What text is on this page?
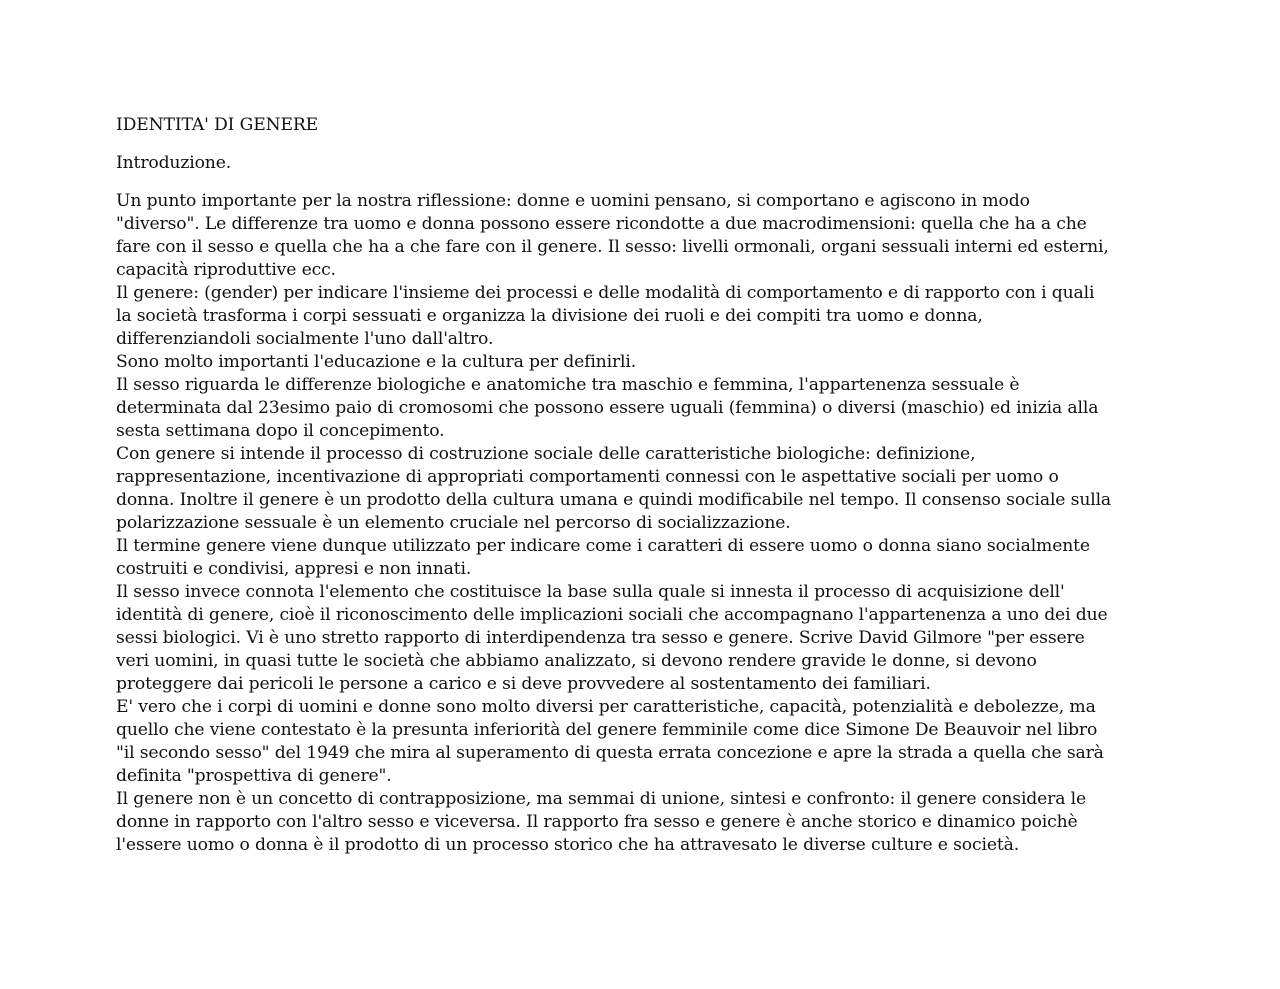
IDENTITA' DI GENERE

Introduzione.

Un punto importante per la nostra riflessione: donne e uomini pensano, si comportano e agiscono in modo
"diverso". Le differenze tra uomo e donna possono essere ricondotte a due macrodimensioni: quella che ha a che
fare con il sesso e quella che ha a che fare con il genere. Il sesso: livelli ormonali, organi sessuali interni ed esterni,
capacità riproduttive ecc.
Il genere: (gender) per indicare l'insieme dei processi e delle modalità di comportamento e di rapporto con i quali
la società trasforma i corpi sessuati e organizza la divisione dei ruoli e dei compiti tra uomo e donna,
differenziandoli socialmente l'uno dall'altro.
Sono molto importanti l'educazione e la cultura per definirli.
Il sesso riguarda le differenze biologiche e anatomiche tra maschio e femmina, l'appartenenza sessuale è
determinata dal 23esimo paio di cromosomi che possono essere uguali (femmina) o diversi (maschio) ed inizia alla
sesta settimana dopo il concepimento.
Con genere si intende il processo di costruzione sociale delle caratteristiche biologiche: definizione,
rappresentazione, incentivazione di appropriati comportamenti connessi con le aspettative sociali per uomo o
donna. Inoltre il genere è un prodotto della cultura umana e quindi modificabile nel tempo. Il consenso sociale sulla
polarizzazione sessuale è un elemento cruciale nel percorso di socializzazione.
Il termine genere viene dunque utilizzato per indicare come i caratteri di essere uomo o donna siano socialmente
costruiti e condivisi, appresi e non innati.
Il sesso invece connota l'elemento che costituisce la base sulla quale si innesta il processo di acquisizione dell'
identità di genere, cioè il riconoscimento delle implicazioni sociali che accompagnano l'appartenenza a uno dei due
sessi biologici. Vi è uno stretto rapporto di interdipendenza tra sesso e genere. Scrive David Gilmore "per essere
veri uomini, in quasi tutte le società che abbiamo analizzato, si devono rendere gravide le donne, si devono
proteggere dai pericoli le persone a carico e si deve provvedere al sostentamento dei familiari.
E' vero che i corpi di uomini e donne sono molto diversi per caratteristiche, capacità, potenzialità e debolezze, ma
quello che viene contestato è la presunta inferiorità del genere femminile come dice Simone De Beauvoir nel libro
"il secondo sesso" del 1949 che mira al superamento di questa errata concezione e apre la strada a quella che sarà
definita "prospettiva di genere".
Il genere non è un concetto di contrapposizione, ma semmai di unione, sintesi e confronto: il genere considera le
donne in rapporto con l'altro sesso e viceversa. Il rapporto fra sesso e genere è anche storico e dinamico poichè
l'essere uomo o donna è il prodotto di un processo storico che ha attravesato le diverse culture e società.
